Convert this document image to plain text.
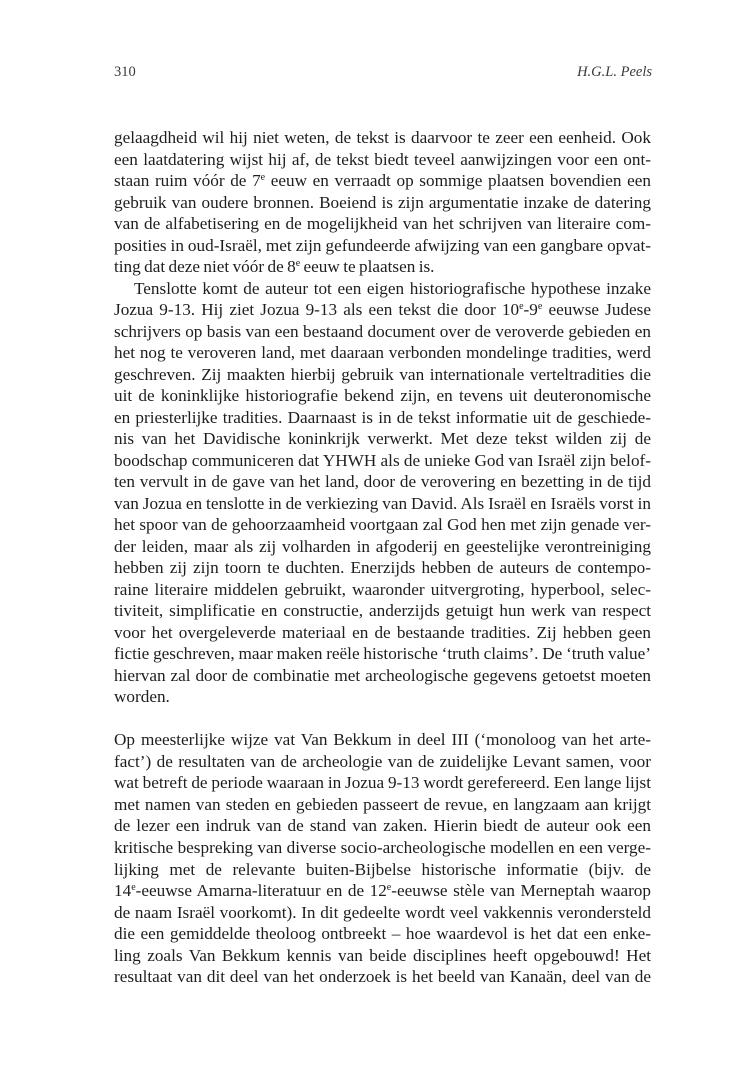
310	H.G.L. Peels
gelaagdheid wil hij niet weten, de tekst is daarvoor te zeer een eenheid. Ook
een laatdatering wijst hij af, de tekst biedt teveel aanwijzingen voor een ont-
staan ruim vóór de 7e eeuw en verraadt op sommige plaatsen bovendien een
gebruik van oudere bronnen. Boeiend is zijn argumentatie inzake de datering
van de alfabetisering en de mogelijkheid van het schrijven van literaire com-
posities in oud-Israël, met zijn gefundeerde afwijzing van een gangbare opvat-
ting dat deze niet vóór de 8e eeuw te plaatsen is.
Tenslotte komt de auteur tot een eigen historiografische hypothese inzake
Jozua 9-13. Hij ziet Jozua 9-13 als een tekst die door 10e-9e eeuwse Judese
schrijvers op basis van een bestaand document over de veroverde gebieden en
het nog te veroveren land, met daaraan verbonden mondelinge tradities, werd
geschreven. Zij maakten hierbij gebruik van internationale verteltradities die
uit de koninklijke historiografie bekend zijn, en tevens uit deuteronomische
en priesterlijke tradities. Daarnaast is in de tekst informatie uit de geschiede-
nis van het Davidische koninkrijk verwerkt. Met deze tekst wilden zij de
boodschap communiceren dat YHWH als de unieke God van Israël zijn belof-
ten vervult in de gave van het land, door de verovering en bezetting in de tijd
van Jozua en tenslotte in de verkiezing van David. Als Israël en Israëls vorst in
het spoor van de gehoorzaamheid voortgaan zal God hen met zijn genade ver-
der leiden, maar als zij volharden in afgoderij en geestelijke verontreiniging
hebben zij zijn toorn te duchten. Enerzijds hebben de auteurs de contempo-
raine literaire middelen gebruikt, waaronder uitvergroting, hyperbool, selec-
tiviteit, simplificatie en constructie, anderzijds getuigt hun werk van respect
voor het overgeleverde materiaal en de bestaande tradities. Zij hebben geen
fictie geschreven, maar maken reële historische ‘truth claims’. De ‘truth value’
hiervan zal door de combinatie met archeologische gegevens getoetst moeten
worden.
Op meesterlijke wijze vat Van Bekkum in deel III (‘monoloog van het arte-
fact’) de resultaten van de archeologie van de zuidelijke Levant samen, voor
wat betreft de periode waaraan in Jozua 9-13 wordt gerefereerd. Een lange lijst
met namen van steden en gebieden passeert de revue, en langzaam aan krijgt
de lezer een indruk van de stand van zaken. Hierin biedt de auteur ook een
kritische bespreking van diverse socio-archeologische modellen en een verge-
lijking met de relevante buiten-Bijbelse historische informatie (bijv. de
14e-eeuwse Amarna-literatuur en de 12e-eeuwse stèle van Merneptah waarop
de naam Israël voorkomt). In dit gedeelte wordt veel vakkennis verondersteld
die een gemiddelde theoloog ontbreekt – hoe waardevol is het dat een enke-
ling zoals Van Bekkum kennis van beide disciplines heeft opgebouwd! Het
resultaat van dit deel van het onderzoek is het beeld van Kanaän, deel van de
